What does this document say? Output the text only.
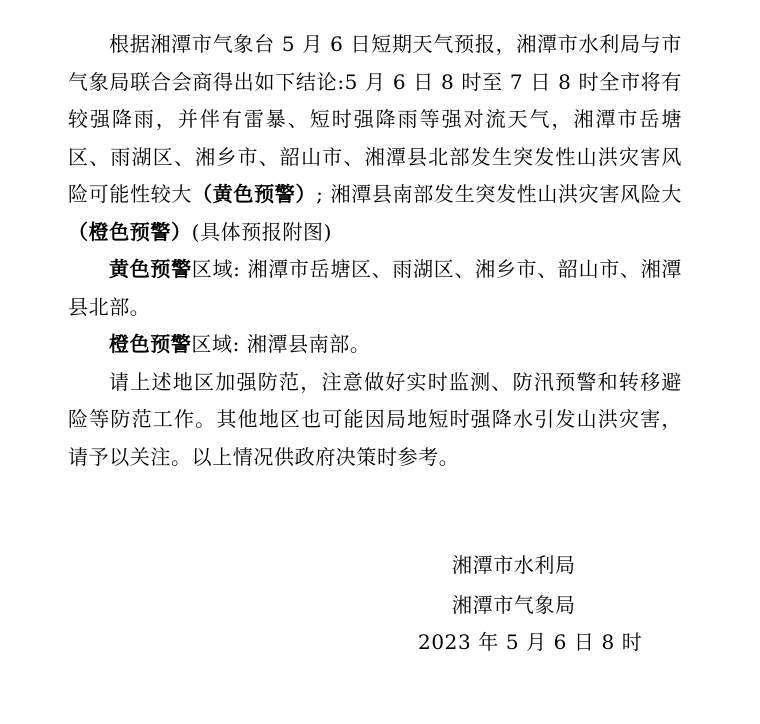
根据湘潭市气象台 5 月 6 日短期天气预报，湘潭市水利局与市气象局联合会商得出如下结论:5 月 6 日 8 时至 7 日 8 时全市将有较强降雨，并伴有雷暴、短时强降雨等强对流天气，湘潭市岳塘区、雨湖区、湘乡市、韶山市、湘潭县北部发生突发性山洪灾害风险可能性较大（黄色预警）; 湘潭县南部发生突发性山洪灾害风险大（橙色预警）(具体预报附图)

黄色预警区域: 湘潭市岳塘区、雨湖区、湘乡市、韶山市、湘潭县北部。

橙色预警区域: 湘潭县南部。

请上述地区加强防范，注意做好实时监测、防汛预警和转移避险等防范工作。其他地区也可能因局地短时强降水引发山洪灾害，请予以关注。以上情况供政府决策时参考。

湘潭市水利局
湘潭市气象局
2023 年 5 月 6 日 8 时
